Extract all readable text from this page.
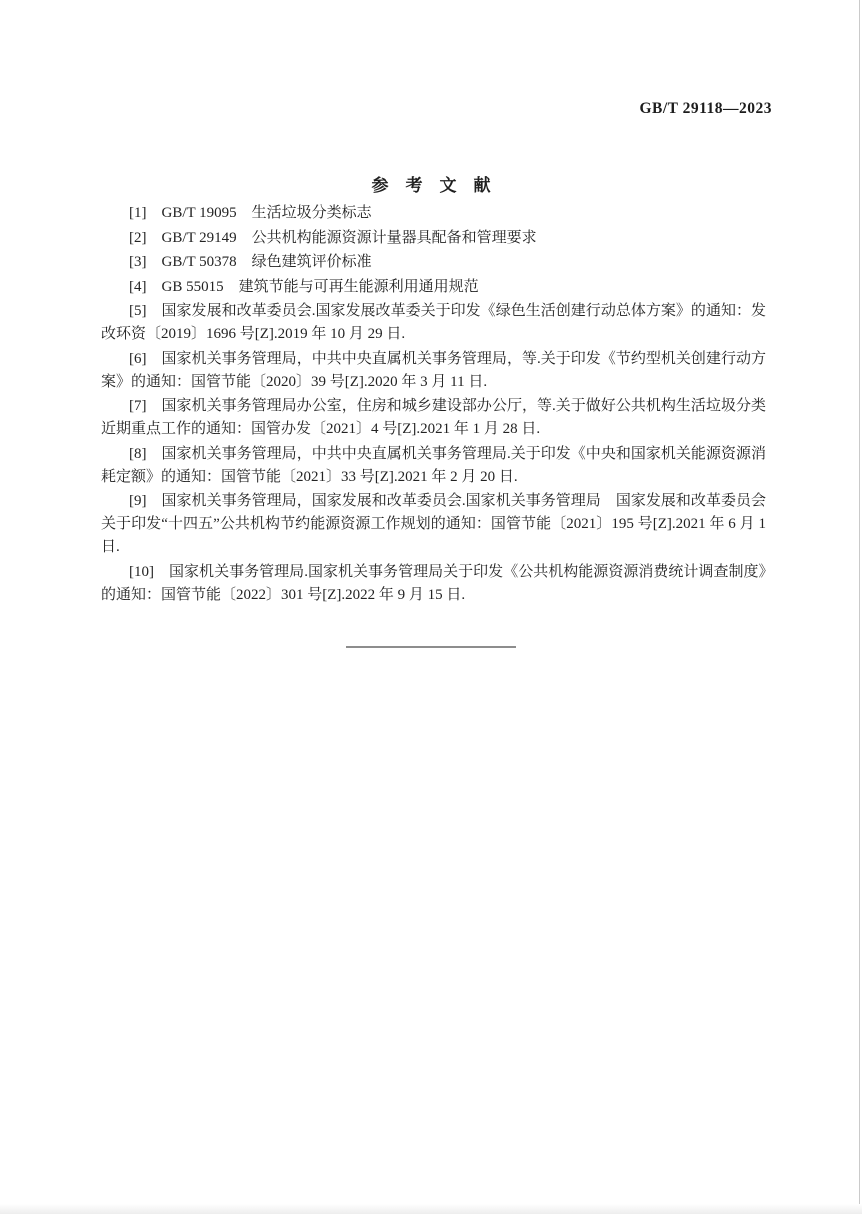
GB/T 29118—2023
参考文献

[1]　GB/T 19095　生活垃圾分类标志

[2]　GB/T 29149　公共机构能源资源计量器具配备和管理要求

[3]　GB/T 50378　绿色建筑评价标准

[4]　GB 55015　建筑节能与可再生能源利用通用规范

[5]　国家发展和改革委员会.国家发展改革委关于印发《绿色生活创建行动总体方案》的通知：发改环资〔2019〕1696 号[Z].2019 年 10 月 29 日.

[6]　国家机关事务管理局，中共中央直属机关事务管理局，等.关于印发《节约型机关创建行动方案》的通知：国管节能〔2020〕39 号[Z].2020 年 3 月 11 日.

[7]　国家机关事务管理局办公室，住房和城乡建设部办公厅，等.关于做好公共机构生活垃圾分类近期重点工作的通知：国管办发〔2021〕4 号[Z].2021 年 1 月 28 日.

[8]　国家机关事务管理局，中共中央直属机关事务管理局.关于印发《中央和国家机关能源资源消耗定额》的通知：国管节能〔2021〕33 号[Z].2021 年 2 月 20 日.

[9]　国家机关事务管理局，国家发展和改革委员会.国家机关事务管理局　国家发展和改革委员会关于印发“十四五”公共机构节约能源资源工作规划的通知：国管节能〔2021〕195 号[Z].2021 年 6 月 1 日.

[10]　国家机关事务管理局.国家机关事务管理局关于印发《公共机构能源资源消费统计调查制度》的通知：国管节能〔2022〕301 号[Z].2022 年 9 月 15 日.
